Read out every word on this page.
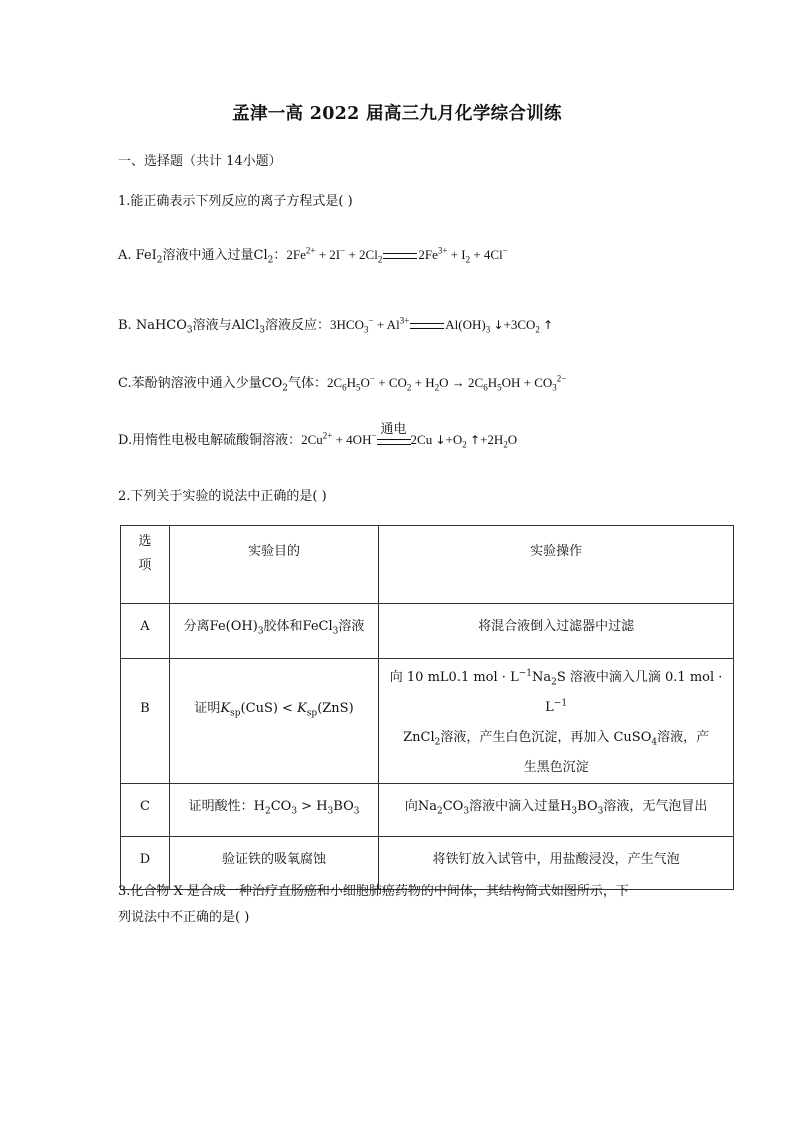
孟津一高 2022 届高三九月化学综合训练
一、选择题（共计 14小题）
1.能正确表示下列反应的离子方程式是( )
A. FeI$_2$溶液中通入过量$Cl_2$：$2Fe^{2+} + 2I^- + 2Cl_2$	$2Fe^{3+} + I_2 + 4Cl^-$
B. NaHCO$_3$溶液与AlCl$_3$溶液反应：$3HCO_3^- + Al^{3+}$	$Al(OH)_3$ $↓+3CO_2$ ↑
C.苯酚钠溶液中通入少量$CO_2$气体：$2C_6H_5O^- + CO_2 + H_2O \to 2C_6H_5OH + CO_3^{2-}$
D.用惰性电极电解硫酸铜溶液：$2Cu^{2+} + 4OH^-$ 通电
2Cu $↓+O_2$ $↑+2H_2O$
2.下列关于实验的说法中正确的是( )
选项	实验目的	实验操作

A	分离$Fe(OH)_3$胶体和FeCl$_3$溶液	将混合液倒入过滤器中过滤

B	证明$K_{sp}(CuS) < K_{sp}(ZnS)$	向 10 mL0.1 mol · $L^{-1}Na_2S$ 溶液中滴入几滴 0.1 mol · $L^{-1}$
ZnCl$_2$溶液，产生白色沉淀，再加入 CuSO$_4$溶液，产
生黑色沉淀

C	证明酸性：$H_2CO_3 > H_3BO_3$	向$Na_2CO_3$溶液中滴入过量$H_3BO_3$溶液，无气泡冒出

D	验证铁的吸氧腐蚀	将铁钉放入试管中，用盐酸浸没，产生气泡
3.化合物 X 是合成一种治疗直肠癌和小细胞肺癌药物的中间体，其结构简式如图所示，下
列说法中不正确的是( )
